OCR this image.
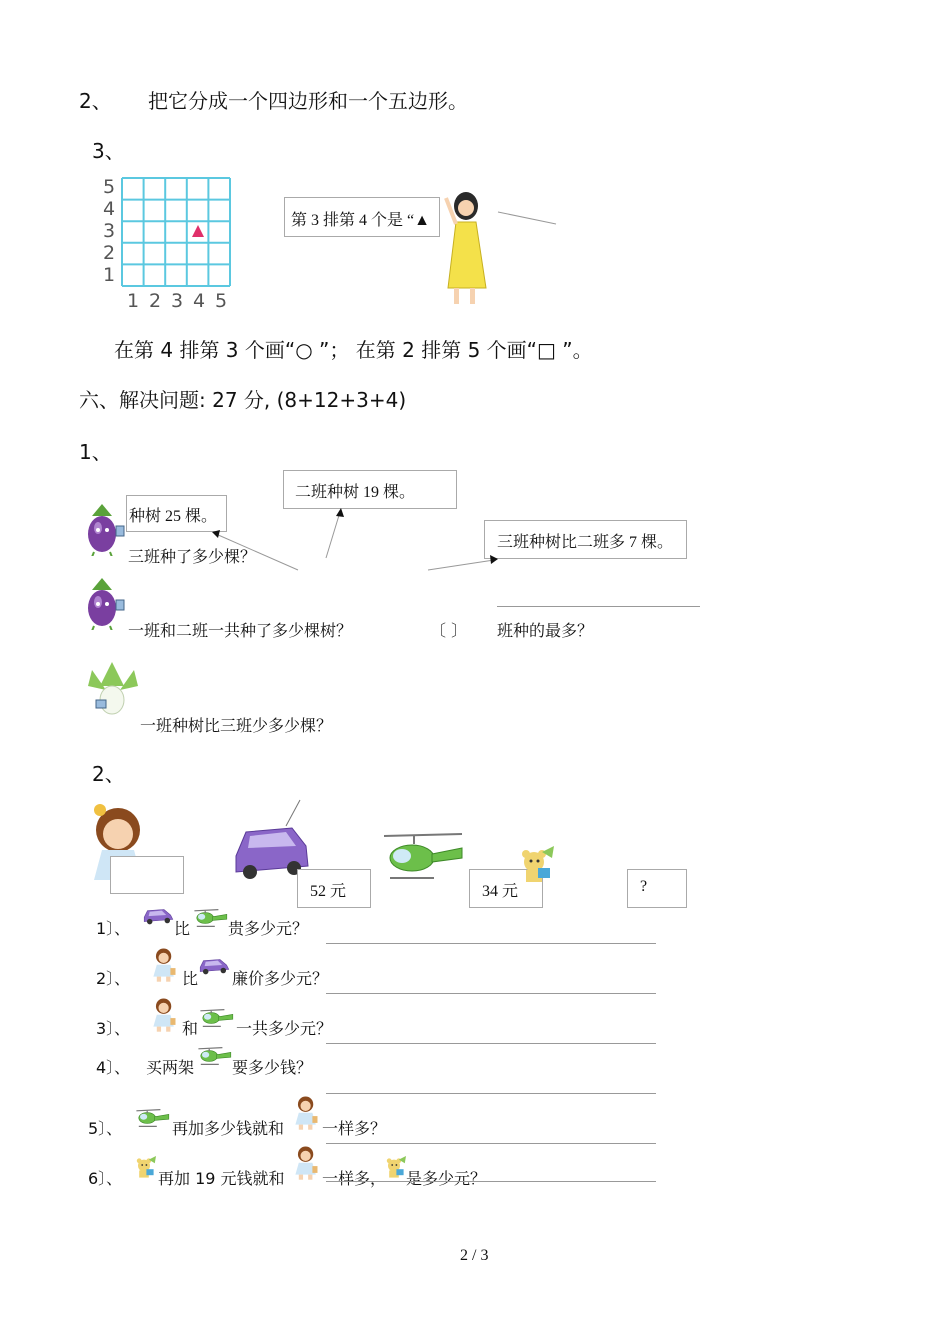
2、 把它分成一个四边形和一个五边形。
3、
5
4
3
2
1
1 2 3 4 5
第 3 排第 4 个是 “▲
在第 4 排第 3 个画“○ ”； 在第 2 排第 5 个画“□ ”。
六、解决问题: 27 分, (8+12+3+4)
1、
种树 25 棵。
二班种树 19 棵。
三班种树比二班多 7 棵。
三班种了多少棵？
一班和二班一共种了多少棵树？	〔 〕 班种的最多？
一班种树比三班少多少棵？
2、
52 元	34 元	?
1〕、	比 贵多少元？
2〕、	比 廉价多少元？
3〕、	和 一共多少元？
4〕、 买两架 要多少钱？
5〕、	再加多少钱就和 一样多？
6〕、 再加 19 元钱就和 一样多， 是多少元？
2 / 3
